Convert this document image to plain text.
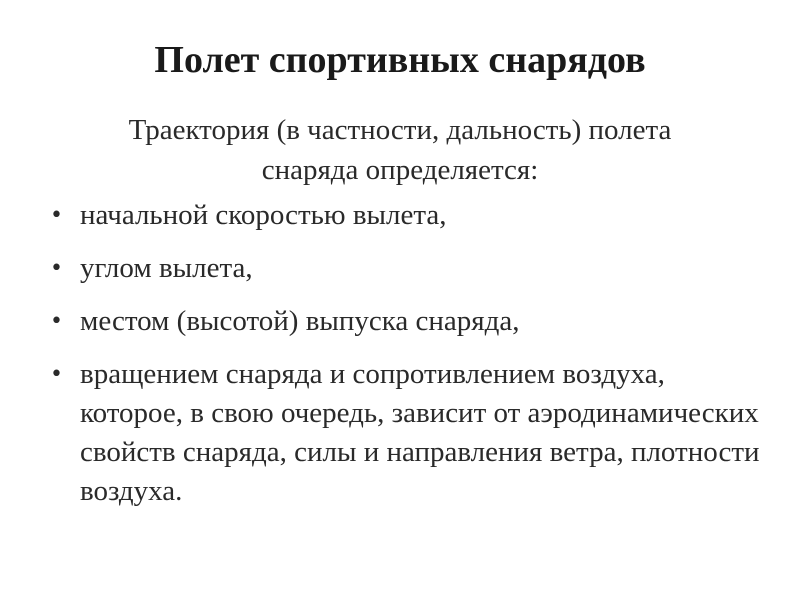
Полет спортивных снарядов

Траектория (в частности, дальность) полета
снаряда определяется:

• начальной скоростью вылета,
• углом вылета,
• местом (высотой) выпуска снаряда,
• вращением снаряда и сопротивлением воздуха, которое, в свою очередь, зависит от аэродинамических свойств снаряда, силы и направления ветра, плотности воздуха.
